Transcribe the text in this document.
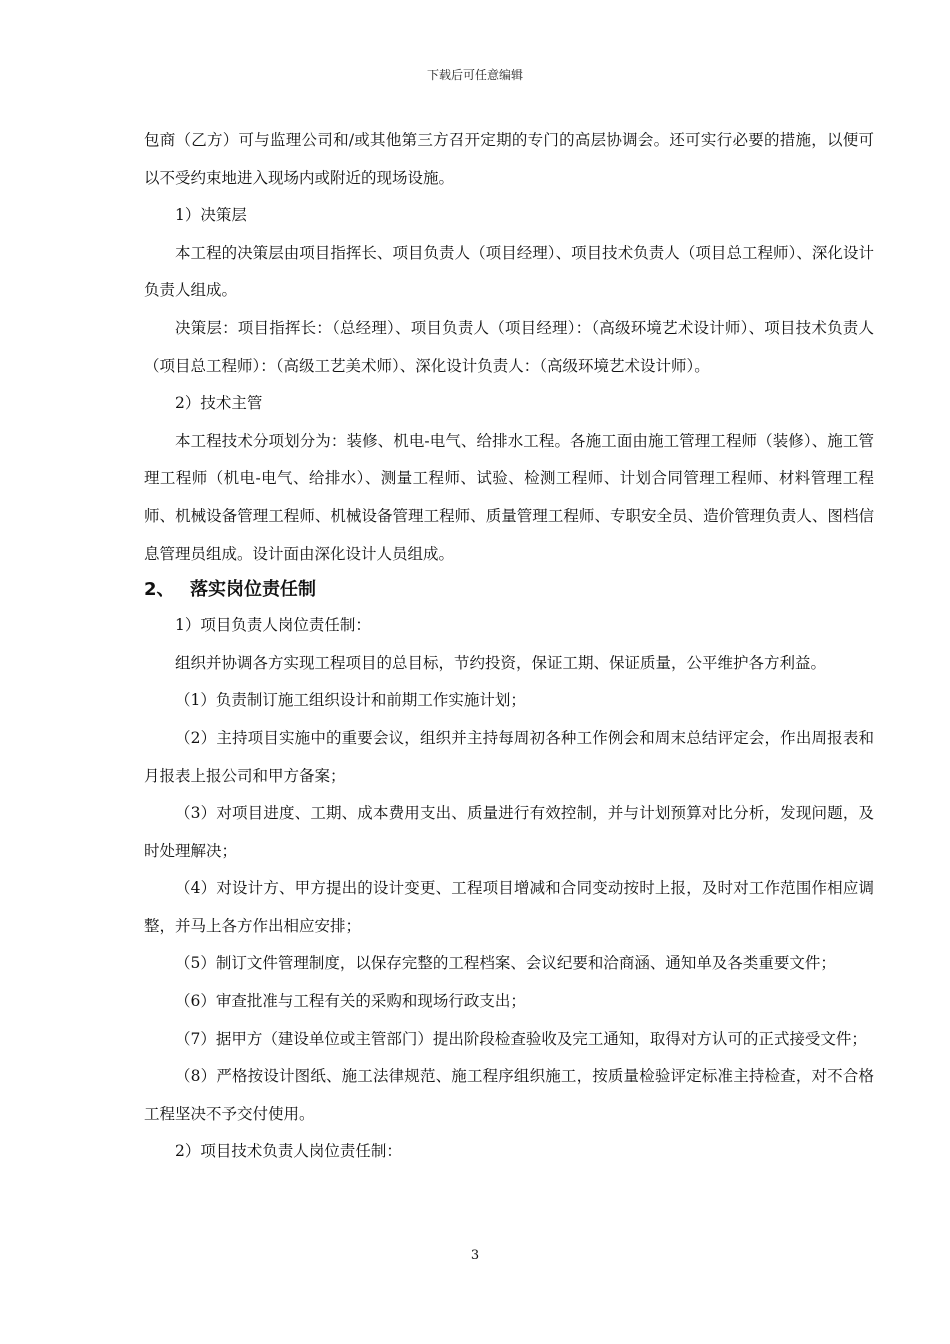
下载后可任意编辑

包商（乙方）可与监理公司和/或其他第三方召开定期的专门的高层协调会。还可实行必要的措施，以便可以不受约束地进入现场内或附近的现场设施。

1）决策层

本工程的决策层由项目指挥长、项目负责人（项目经理）、项目技术负责人（项目总工程师）、深化设计负责人组成。

决策层：项目指挥长：（总经理）、项目负责人（项目经理）：（高级环境艺术设计师）、项目技术负责人（项目总工程师）：（高级工艺美术师）、深化设计负责人：（高级环境艺术设计师）。

2）技术主管

本工程技术分项划分为：装修、机电-电气、给排水工程。各施工面由施工管理工程师（装修）、施工管理工程师（机电-电气、给排水）、测量工程师、试验、检测工程师、计划合同管理工程师、材料管理工程师、机械设备管理工程师、机械设备管理工程师、质量管理工程师、专职安全员、造价管理负责人、图档信息管理员组成。设计面由深化设计人员组成。

2、 落实岗位责任制

1）项目负责人岗位责任制：

组织并协调各方实现工程项目的总目标，节约投资，保证工期、保证质量，公平维护各方利益。

（1）负责制订施工组织设计和前期工作实施计划；

（2）主持项目实施中的重要会议，组织并主持每周初各种工作例会和周末总结评定会，作出周报表和月报表上报公司和甲方备案；

（3）对项目进度、工期、成本费用支出、质量进行有效控制，并与计划预算对比分析，发现问题，及时处理解决；

（4）对设计方、甲方提出的设计变更、工程项目增减和合同变动按时上报，及时对工作范围作相应调整，并马上各方作出相应安排；

（5）制订文件管理制度，以保存完整的工程档案、会议纪要和洽商涵、通知单及各类重要文件；

（6）审查批准与工程有关的采购和现场行政支出；

（7）据甲方（建设单位或主管部门）提出阶段检查验收及完工通知，取得对方认可的正式接受文件；

（8）严格按设计图纸、施工法律规范、施工程序组织施工，按质量检验评定标准主持检查，对不合格工程坚决不予交付使用。

2）项目技术负责人岗位责任制：

3
